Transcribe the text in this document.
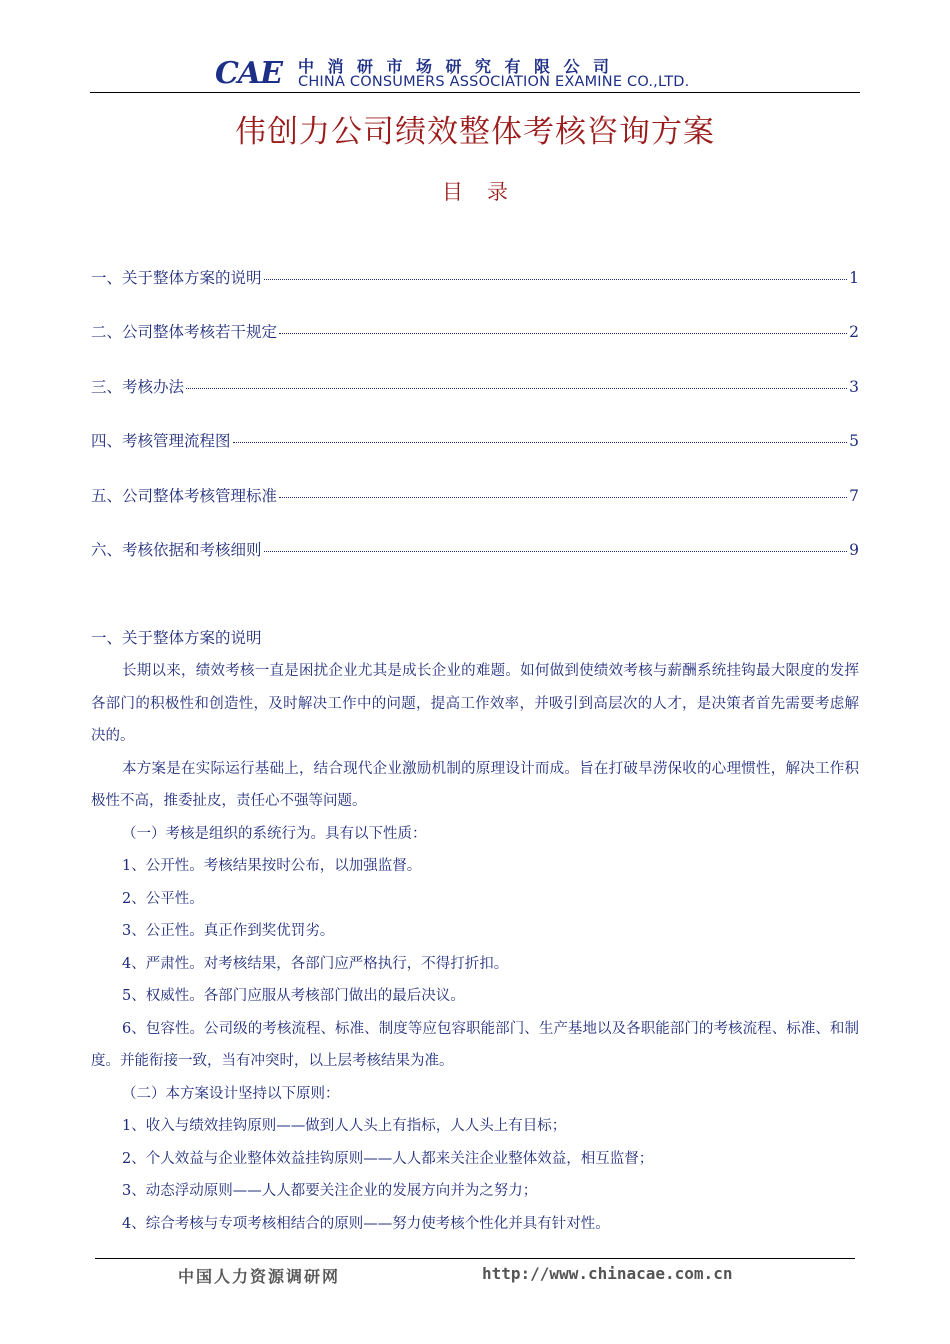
CAE 中消研市场研究有限公司
CHINA CONSUMERS ASSOCIATION EXAMINE CO.,LTD.
伟创力公司绩效整体考核咨询方案
目录
一、关于整体方案的说明	1
二、公司整体考核若干规定	2
三、考核办法	3
四、考核管理流程图	5
五、公司整体考核管理标准	7
六、考核依据和考核细则	9
一、关于整体方案的说明

长期以来，绩效考核一直是困扰企业尤其是成长企业的难题。如何做到使绩效考核与薪酬系统挂钩最大限度的发挥各部门的积极性和创造性，及时解决工作中的问题，提高工作效率，并吸引到高层次的人才，是决策者首先需要考虑解决的。

本方案是在实际运行基础上，结合现代企业激励机制的原理设计而成。旨在打破旱涝保收的心理惯性，解决工作积极性不高，推委扯皮，责任心不强等问题。

（一）考核是组织的系统行为。具有以下性质：

1、公开性。考核结果按时公布，以加强监督。

2、公平性。

3、公正性。真正作到奖优罚劣。

4、严肃性。对考核结果，各部门应严格执行，不得打折扣。

5、权威性。各部门应服从考核部门做出的最后决议。

6、包容性。公司级的考核流程、标准、制度等应包容职能部门、生产基地以及各职能部门的考核流程、标准、和制度。并能衔接一致，当有冲突时，以上层考核结果为准。

（二）本方案设计坚持以下原则：

1、收入与绩效挂钩原则——做到人人头上有指标，人人头上有目标；

2、个人效益与企业整体效益挂钩原则——人人都来关注企业整体效益，相互监督；

3、动态浮动原则——人人都要关注企业的发展方向并为之努力；

4、综合考核与专项考核相结合的原则——努力使考核个性化并具有针对性。

中国人力资源调研网	http://www.chinacae.com.cn
